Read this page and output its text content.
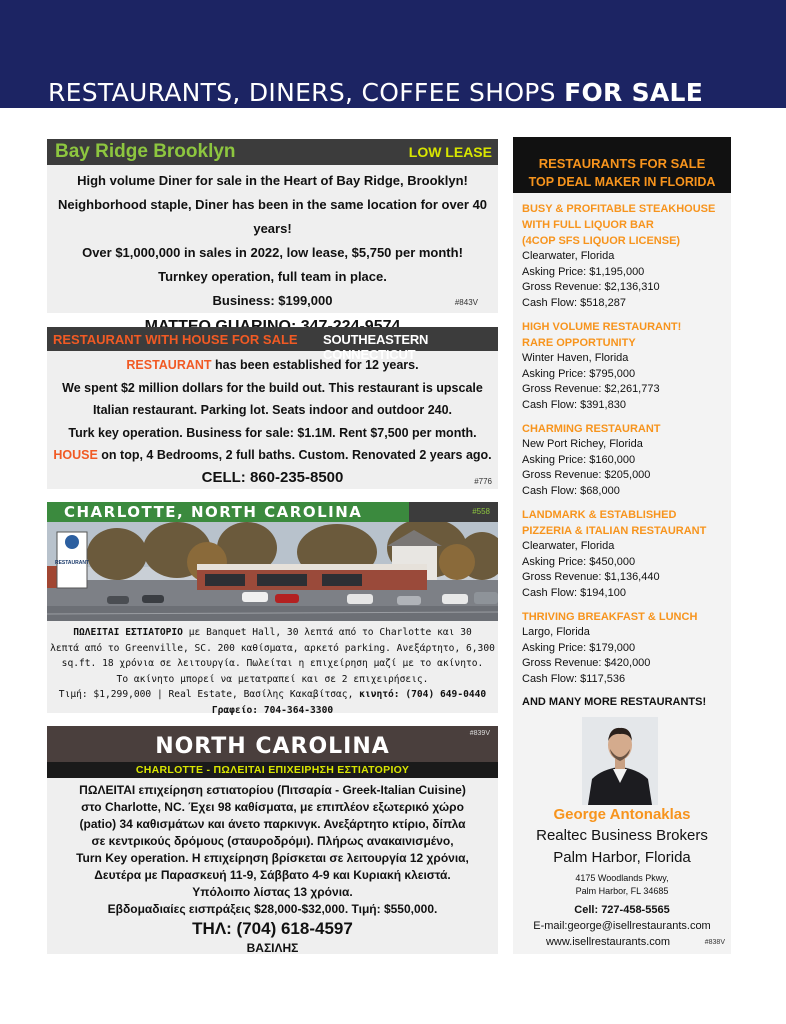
RESTAURANTS, DINERS, COFFEE SHOPS FOR SALE
Bay Ridge Brooklyn	LOW LEASE
High volume Diner for sale in the Heart of Bay Ridge, Brooklyn!
Neighborhood staple, Diner has been in the same location for over 40 years!
Over $1,000,000 in sales in 2022, low lease, $5,750 per month!
Turnkey operation, full team in place.
Business: $199,000	#843V
RESTAURANT WITH HOUSE FOR SALE SOUTHEASTERN CONNECTICUT
RESTAURANT has been established for 12 years.
We spent $2 million dollars for the build out. This restaurant is upscale
Italian restaurant. Parking lot. Seats indoor and outdoor 240.
Turk key operation. Business for sale: $1.1M. Rent $7,500 per month.
HOUSE on top, 4 Bedrooms, 2 full baths. Custom. Renovated 2 years ago.
CELL: 860-235-8500	#776
CHARLOTTE, NORTH CAROLINA	#558
RESTAURANT
ΠΩΛΕΙΤΑΙ ΕΣΤΙΑΤΟΡΙΟ με Banquet Hall, 30 λεπτά από το Charlotte και 30
λεπτά από το Greenville, SC. 200 καθίσματα, αρκετό parking. Ανεξάρτητο, 6,300
sq.ft. 18 χρόνια σε λειτουργία. Πωλείται η επιχείρηση μαζί με το ακίνητο.
Το ακίνητο μπορεί να μετατραπεί και σε 2 επιχειρήσεις.
Τιμή: $1,299,000 | Real Estate, Βασίλης Καкαβίτσας, κινητό: (704) 649-0440
Γραφείο: 704-364-3300
NORTH CAROLINA
#839V
CHARLOTTE - ΠΩΛΕΙΤΑΙ ΕΠΙΧΕΙΡΗΣΗ ΕΣΤΙΑΤΟΡΙΟΥ
ΠΩΛΕΙΤΑΙ επιχείρηση εστιατορίου (Πιτσαρία - Greek-Italian Cuisine)
στο Charlotte, NC. Έχει 98 καθίσματα, με επιπλέον εξωτερικό χώρο
(patio) 34 καθισμάτων και άνετο παρκινγκ. Ανεξάρτητο κτίριο, δίπλα
σε κεντρικούς δρόμους (σταυροδρόμι). Πλήρως ανακαινισμένο,
Turn Key operation. Η επιχείρηση βρίσκεται σε λειτουργία 12 χρόνια,
Δευτέρα με Παρασκευή 11-9, Σάββατο 4-9 και Κυριακή κλειστά.
Υπόλοιπο λίστας 13 χρόνια.
Εβδομαδιαίες εισπράξεις $28,000-$32,000. Τιμή: $550,000.
ΤΗΛ: (704) 618-4597
ΒΑΣΙΛΗΣ
RESTAURANTS FOR SALE
TOP DEAL MAKER IN FLORIDA
BUSY & PROFITABLE STEAKHOUSE
WITH FULL LIQUOR BAR
(4COP SFS LIQUOR LICENSE)
Clearwater, Florida
Asking Price: $1,195,000
Gross Revenue: $2,136,310
Cash Flow: $518,287
HIGH VOLUME RESTAURANT!
RARE OPPORTUNITY
Winter Haven, Florida
Asking Price: $795,000
Gross Revenue: $2,261,773
Cash Flow: $391,830
CHARMING RESTAURANT
New Port Richey, Florida
Asking Price: $160,000
Gross Revenue: $205,000
Cash Flow: $68,000
LANDMARK & ESTABLISHED
PIZZERIA & ITALIAN RESTAURANT
Clearwater, Florida
Asking Price: $450,000
Gross Revenue: $1,136,440
Cash Flow: $194,100
THRIVING BREAKFAST & LUNCH
Largo, Florida
Asking Price: $179,000
Gross Revenue: $420,000
Cash Flow: $117,536
AND MANY MORE RESTAURANTS!
George Antonaklas
Realtec Business Brokers
Palm Harbor, Florida
4175 Woodlands Pkwy,
Palm Harbor, FL 34685
Cell: 727-458-5565
E-mail:george@isellrestaurants.com
www.isellrestaurants.com	#838V
